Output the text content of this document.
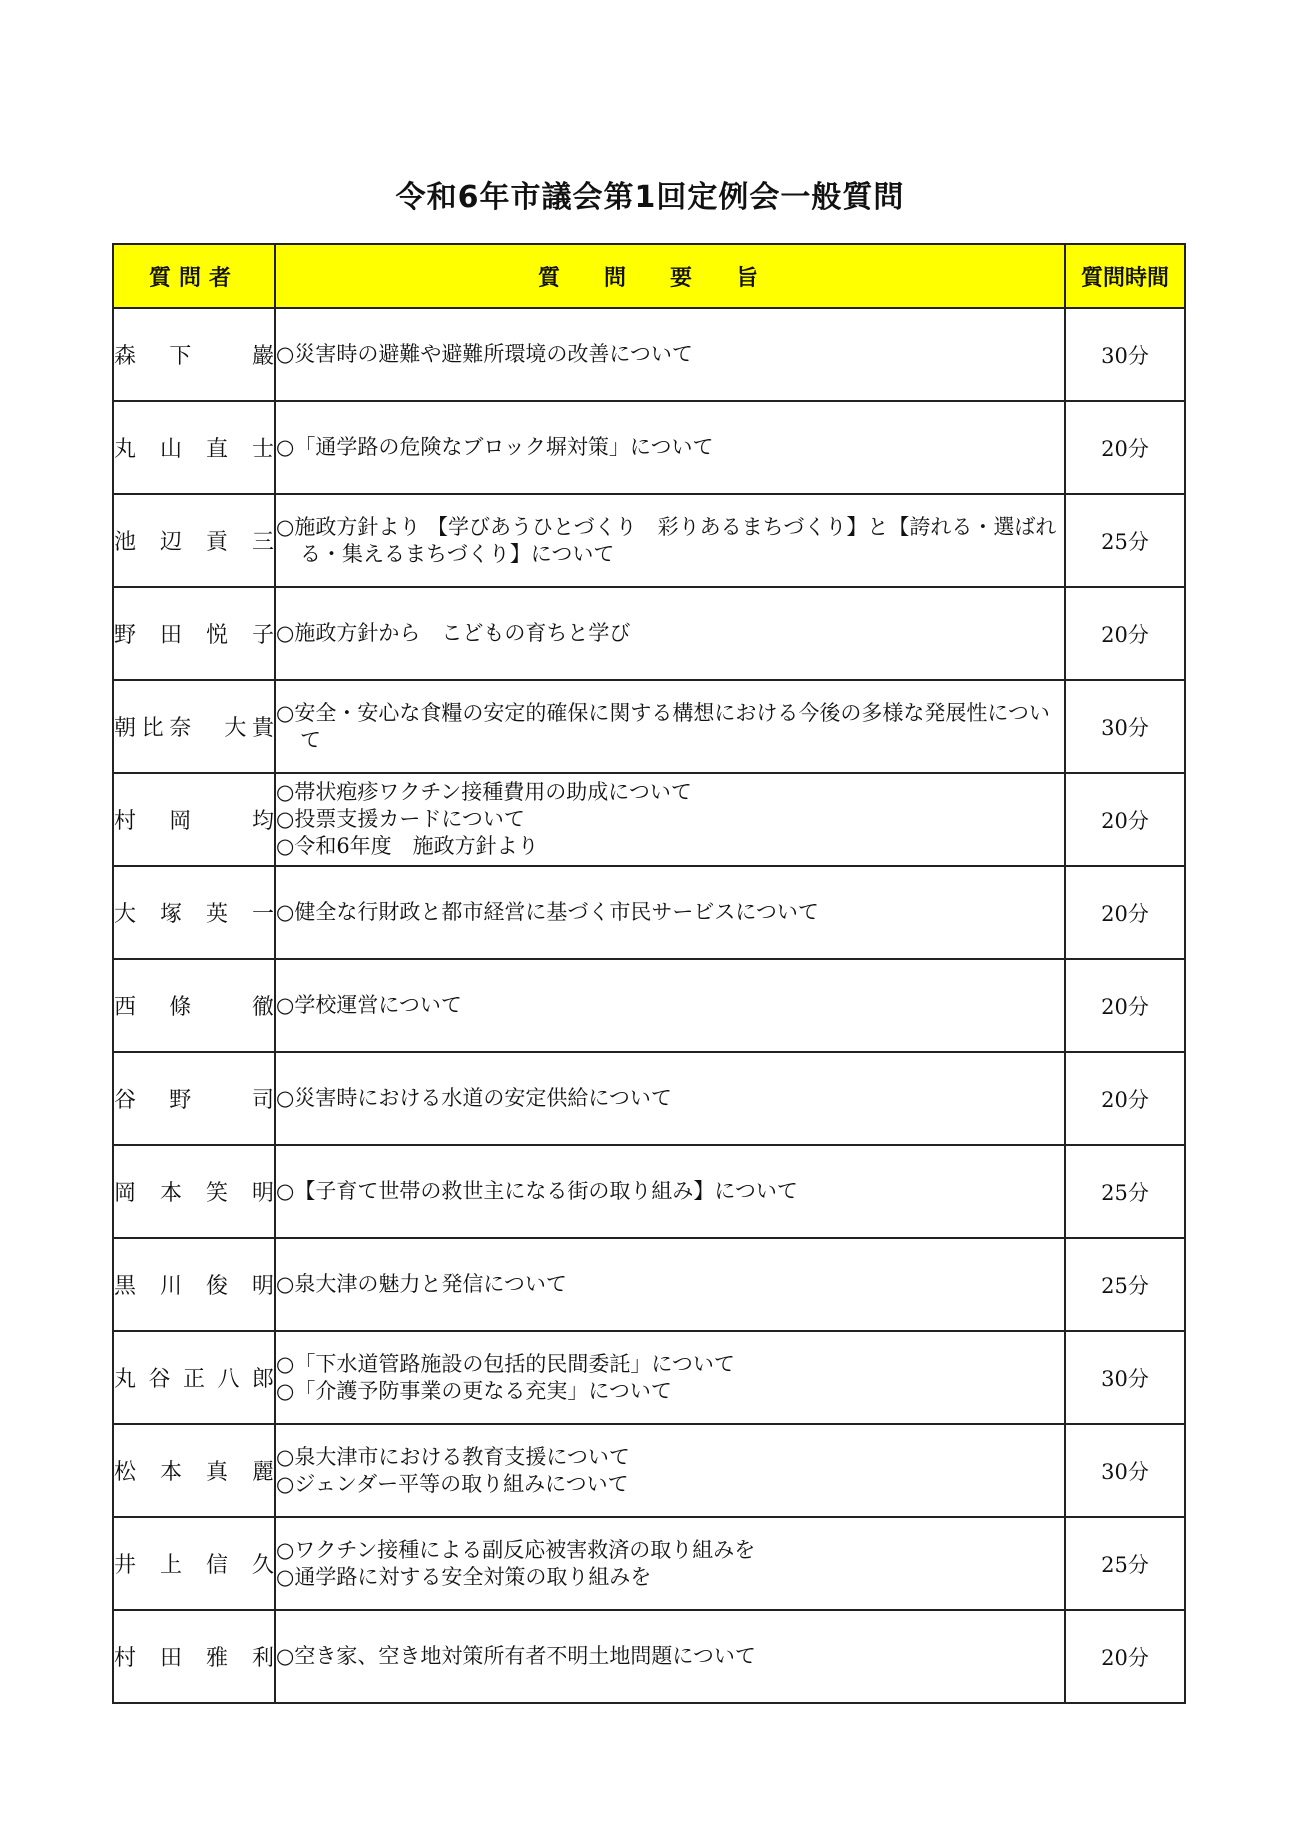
令和6年市議会第1回定例会一般質問
質問者	質問要旨	質問時間

森　下　　巖	○災害時の避難や避難所環境の改善について	30分

丸　山　直　士	○「通学路の危険なブロック塀対策」について	20分

池　辺　貢　三	○施政方針より 【学びあうひとづくり　彩りあるまちづくり】と【誇れる・選ばれる・集えるまちづくり】について	25分

野　田　悦　子	○施政方針から　こどもの育ちと学び	20分

朝比奈　大貴	○安全・安心な食糧の安定的確保に関する構想における今後の多様な発展性について	30分

村　岡　　均	○帯状疱疹ワクチン接種費用の助成について
○投票支援カードについて
○令和6年度　施政方針より	20分

大　塚　英　一	○健全な行財政と都市経営に基づく市民サービスについて	20分

西　條　　徹	○学校運営について	20分

谷　野　　司	○災害時における水道の安定供給について	20分

岡　本　笑　明	○【子育て世帯の救世主になる街の取り組み】について	25分

黒　川　俊　明	○泉大津の魅力と発信について	25分

丸谷正八郎	○「下水道管路施設の包括的民間委託」について
○「介護予防事業の更なる充実」について	30分

松　本　真　麗	○泉大津市における教育支援について
○ジェンダー平等の取り組みについて	30分

井　上　信　久	○ワクチン接種による副反応被害救済の取り組みを
○通学路に対する安全対策の取り組みを	25分

村　田　雅　利	○空き家、空き地対策所有者不明土地問題について	20分
